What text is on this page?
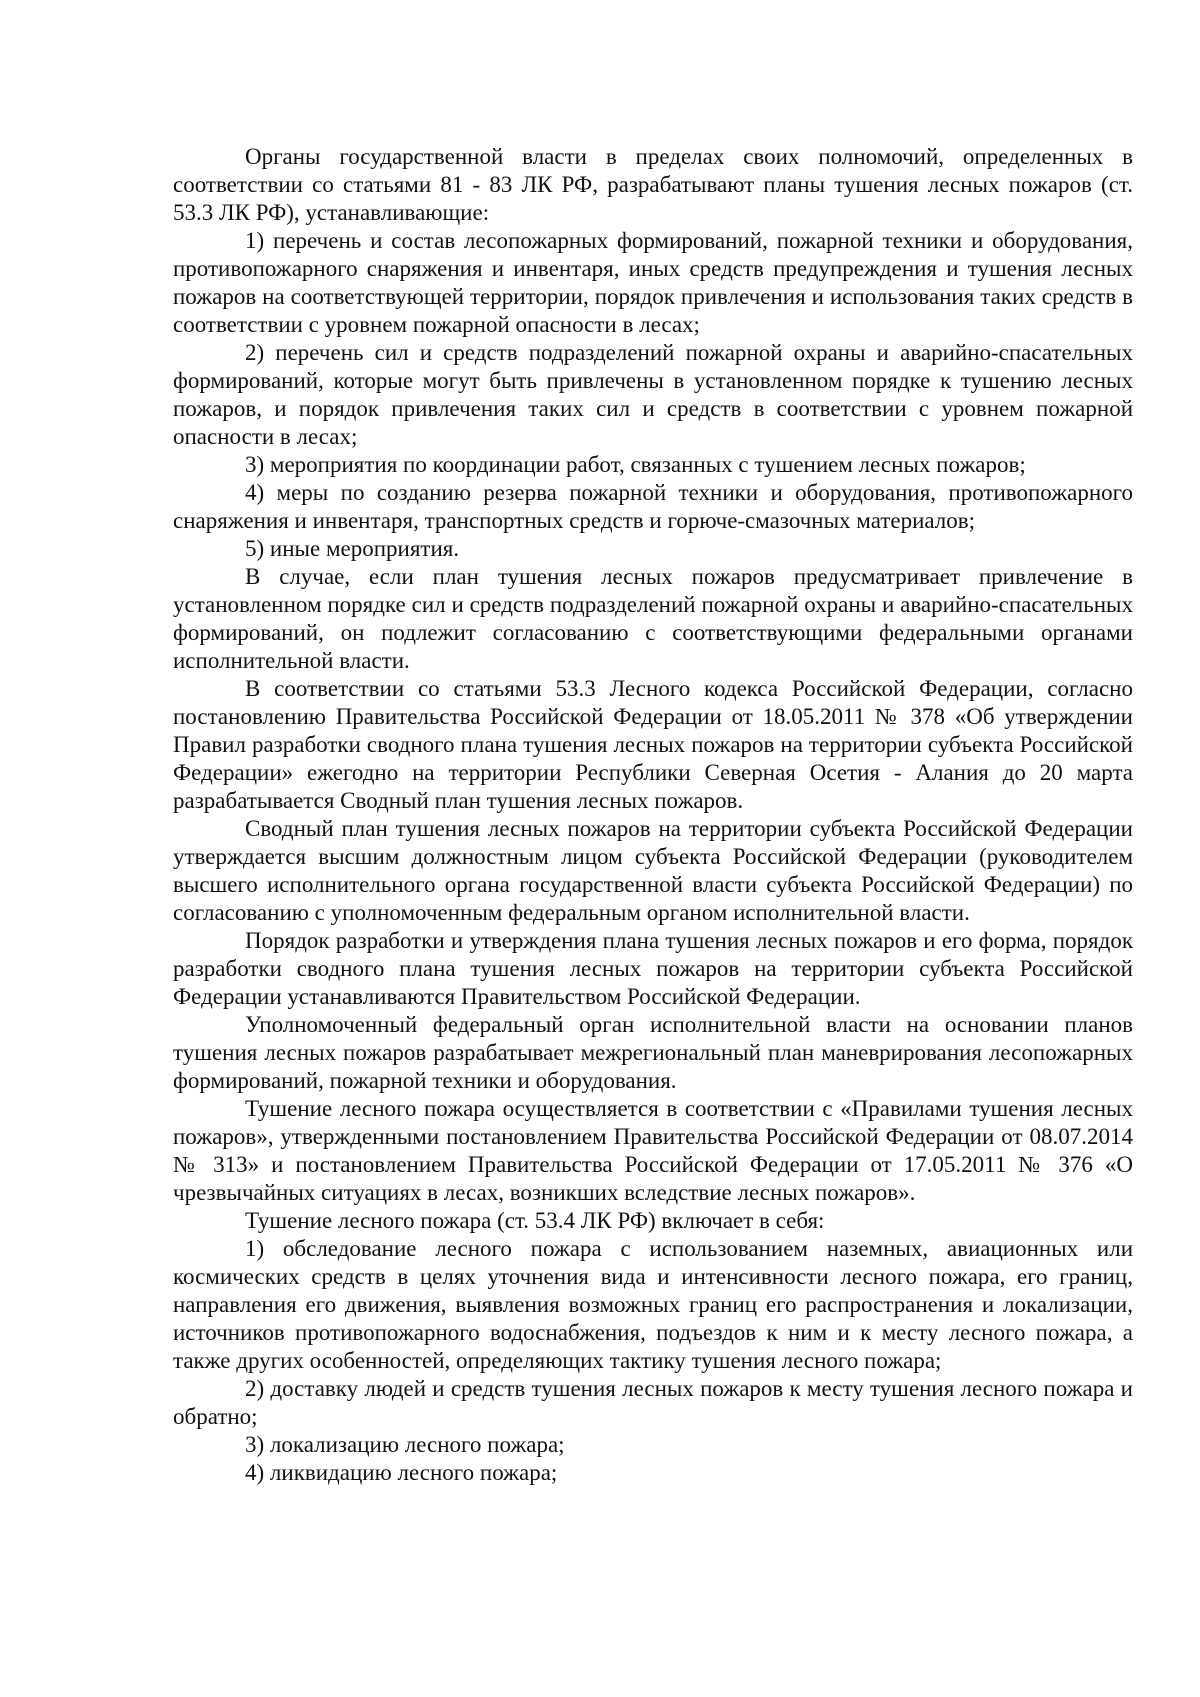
Органы государственной власти в пределах своих полномочий, определенных в соответствии со статьями 81 - 83 ЛК РФ, разрабатывают планы тушения лесных пожаров (ст. 53.3 ЛК РФ), устанавливающие:

1) перечень и состав лесопожарных формирований, пожарной техники и оборудования, противопожарного снаряжения и инвентаря, иных средств предупреждения и тушения лесных пожаров на соответствующей территории, порядок привлечения и использования таких средств в соответствии с уровнем пожарной опасности в лесах;

2) перечень сил и средств подразделений пожарной охраны и аварийно-спасательных формирований, которые могут быть привлечены в установленном порядке к тушению лесных пожаров, и порядок привлечения таких сил и средств в соответствии с уровнем пожарной опасности в лесах;

3) мероприятия по координации работ, связанных с тушением лесных пожаров;

4) меры по созданию резерва пожарной техники и оборудования, противопожарного снаряжения и инвентаря, транспортных средств и горюче-смазочных материалов;

5) иные мероприятия.

В случае, если план тушения лесных пожаров предусматривает привлечение в установленном порядке сил и средств подразделений пожарной охраны и аварийно-спасательных формирований, он подлежит согласованию с соответствующими федеральными органами исполнительной власти.

В соответствии со статьями 53.3 Лесного кодекса Российской Федерации, согласно постановлению Правительства Российской Федерации от 18.05.2011 № 378 «Об утверждении Правил разработки сводного плана тушения лесных пожаров на территории субъекта Российской Федерации» ежегодно на территории Республики Северная Осетия - Алания до 20 марта разрабатывается Сводный план тушения лесных пожаров.

Сводный план тушения лесных пожаров на территории субъекта Российской Федерации утверждается высшим должностным лицом субъекта Российской Федерации (руководителем высшего исполнительного органа государственной власти субъекта Российской Федерации) по согласованию с уполномоченным федеральным органом исполнительной власти.

Порядок разработки и утверждения плана тушения лесных пожаров и его форма, порядок разработки сводного плана тушения лесных пожаров на территории субъекта Российской Федерации устанавливаются Правительством Российской Федерации.

Уполномоченный федеральный орган исполнительной власти на основании планов тушения лесных пожаров разрабатывает межрегиональный план маневрирования лесопожарных формирований, пожарной техники и оборудования.

Тушение лесного пожара осуществляется в соответствии с «Правилами тушения лесных пожаров», утвержденными постановлением Правительства Российской Федерации от 08.07.2014 № 313» и постановлением Правительства Российской Федерации от 17.05.2011 № 376 «О чрезвычайных ситуациях в лесах, возникших вследствие лесных пожаров».

Тушение лесного пожара (ст. 53.4 ЛК РФ) включает в себя:

1) обследование лесного пожара с использованием наземных, авиационных или космических средств в целях уточнения вида и интенсивности лесного пожара, его границ, направления его движения, выявления возможных границ его распространения и локализации, источников противопожарного водоснабжения, подъездов к ним и к месту лесного пожара, а также других особенностей, определяющих тактику тушения лесного пожара;

2) доставку людей и средств тушения лесных пожаров к месту тушения лесного пожара и обратно;

3) локализацию лесного пожара;

4) ликвидацию лесного пожара;
